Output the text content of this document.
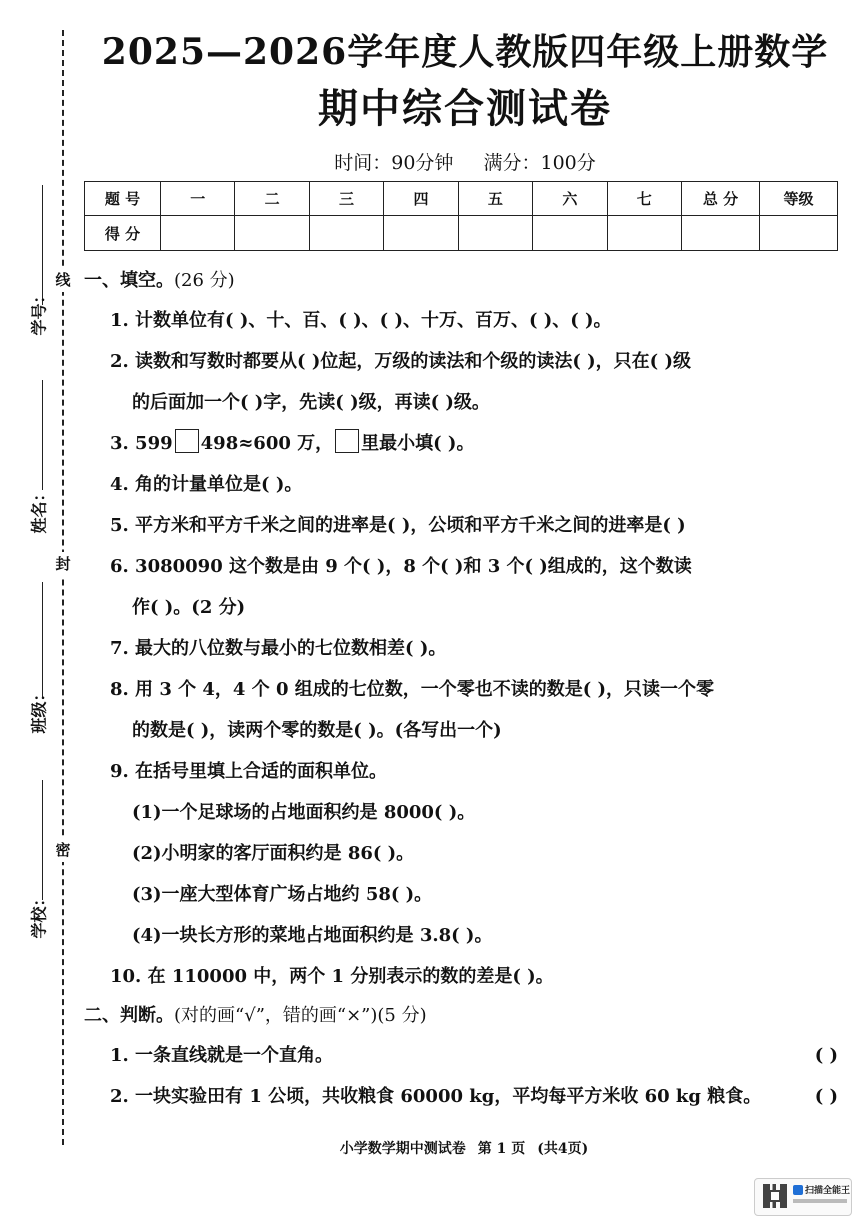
线
封
密
学号：
姓名：
班级：
学校：
2025—2026学年度人教版四年级上册数学
期中综合测试卷
时间：90分钟 满分：100分
题 号	一	二	三	四	五	六	七	总 分	等级
得 分									
一、填空。(26 分)
1. 计数单位有( )、十、百、( )、( )、十万、百万、( )、( )。
2. 读数和写数时都要从( )位起，万级的读法和个级的读法( )，只在( )级
的后面加一个( )字，先读( )级，再读( )级。
3. 599 498≈600 万， 里最小填( )。
4. 角的计量单位是( )。
5. 平方米和平方千米之间的进率是( )，公顷和平方千米之间的进率是( )
6. 3080090 这个数是由 9 个( )，8 个( )和 3 个( )组成的，这个数读
作( )。(2 分)
7. 最大的八位数与最小的七位数相差( )。
8. 用 3 个 4，4 个 0 组成的七位数，一个零也不读的数是( )，只读一个零
的数是( )，读两个零的数是( )。(各写出一个)
9. 在括号里填上合适的面积单位。
(1)一个足球场的占地面积约是 8000( )。
(2)小明家的客厅面积约是 86( )。
(3)一座大型体育广场占地约 58( )。
(4)一块长方形的菜地占地面积约是 3.8( )。
10. 在 110000 中，两个 1 分别表示的数的差是( )。
二、判断。(对的画“√”，错的画“×”)(5 分)
1. 一条直线就是一个直角。	( )
2. 一块实验田有 1 公顷，共收粮食 60000 kg，平均每平方米收 60 kg 粮食。	( )
小学数学期中测试卷 第 1 页 (共4页)
扫描全能王
